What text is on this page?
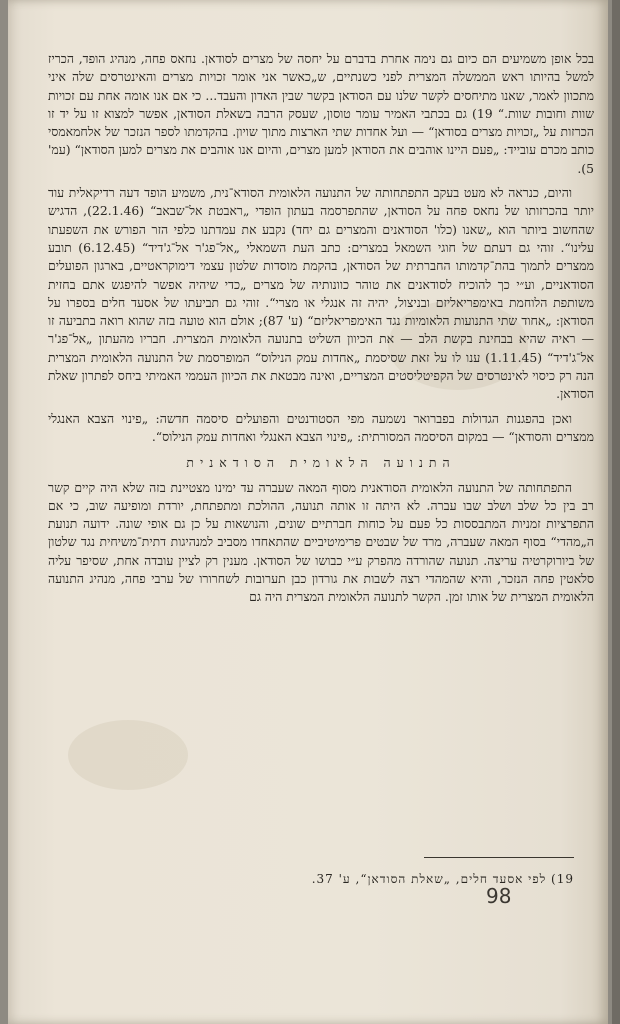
בכל אופן משמיעים הם כיום גם נימה אחרת בדברם על יחסה של מצרים לסודאן. נחאס פחה, מנהיג הופד, הכריז למשל בהיותו ראש הממשלה המצרית לפני כשנתיים, ש„כאשר אני אומר זכויות מצרים והאינטרסים שלה איני מתכוון לאמר, שאנו מתיחסים לקשר שלנו עם הסודאן בקשר שבין האדון והעבד... כי אם אנו אומה אחת עם זכויות שוות וחובות שוות.“ 19) גם בכתבי האמיר עומר טוסון, שעסק הרבה בשאלת הסודאן, אפשר למצוא זו על יד זו הכרזות על „זכויות מצרים בסודאן“ — ועל אחדות שתי הארצות מתוך שויון. בהקדמתו לספר הנזכר של אלחמאמסי כותב מכרם עובייד: „פעם היינו אוהבים את הסודאן למען מצרים, והיום אנו אוהבים את מצרים למען הסודאן“ (עמ' 5).

והיום, כנראה לא מעט בעקב התפתחותה של התנועה הלאומית הסודא־נית, משמיע הופד דעה רדיקאלית עוד יותר בהכרזותו של נחאס פחה על הסודאן, שהתפרסמה בעתון הופדי „ראבטת אל־שבאב“ (22.1.46), הדגיש שהחשוב ביותר הוא „שאנו (כלו' הסודאנים והמצרים גם יחד) נקבע את עמדתנו כלפי הזר הפורש את השפעתו עלינו“. זוהי גם דעתם של חוגי השמאל במצרים: כתב העת השמאלי „אל־פג'ר אל־ג'דיד“ (6.12.45) תובע ממצרים לתמוך בהת־קדמותו החברתית של הסודאן, בהקמת מוסדות שלטון עצמי דימוקראטיים, בארגון הפועלים הסודאניים, וע״י כך להוכיח לסודאנים את טוהר כוונותיה של מצרים „כדי שיהיה אפשר להיפגש אתם בחזית משותפת הלוחמת באימפריאליזם ובניצול, יהיה זה אנגלי או מצרי“. זוהי גם תביעתו של אסעד חלים בספרו על הסודאן: „אחוד שתי התנועות הלאומיות נגד האימפריאליזם“ (ע' 87); אולם הוא טועה בזה שהוא רואה בתביעה זו — ראיה שהיא בבחינת בקשת הלב — את הכיוון השליט בתנועה הלאומית המצרית. חבריו מהעתון „אל־פג'ר אל־ג'דיד“ (1.11.45) ענו לו על זאת שסיסמת „אחדות עמק הנילוס“ המופרסמת של התנועה הלאומית המצרית הנה רק כיסוי לאינטרסים של הקפיטליסטים המצריים, ואינה מבטאת את הכיוון העממי האמיתי ביחס לפתרון שאלת הסודאן.

ואכן בהפגנות הגדולות בפברואר נשמעה מפי הסטודנטים והפועלים סיסמה חדשה: „פינוי הצבא האנגלי ממצרים והסודאן“ — במקום הסיסמה המסורתית: „פינוי הצבא האנגלי ואחדות עמק הנילוס“.

התנועה הלאומית הסודאנית

התפתחותה של התנועה הלאומית הסודאנית מסוף המאה שעברה עד ימינו מצטיינת בזה שלא היה קיים קשר רב בין כל שלב ושלב שבו עברה. לא היתה זו אותה תנועה, ההולכת ומתפתחת, יורדת ומופיעה שוב, כי אם התפרציות זמניות המתבססות כל פעם על כוחות חברתיים שונים, והנושאות על כן גם אופי שונה. ידועה תנועת ה„מהדי“ בסוף המאה שעברה, מרד של שבטים פרימיטיביים שהתאחדו מסביב למנהיגות דתית־משיחית נגד שלטון של ביורוקרטיה עריצה. תנועה שהורדה מהפרק ע״י כבושו של הסודאן. מענין רק לציין עובדה אחת, שסיפר עליה סלאטין פחה הנזכר, והיא שהמהדי רצה לשבות את גורדון כבן תערובות לשחרורו של ערבי פחה, מנהיג התנועה הלאומית המצרית של אותו זמן. הקשר לתנועה הלאומית המצרית היה גם

19) לפי אסעד חלים, „שאלת הסודאן“, ע' 37.
98
